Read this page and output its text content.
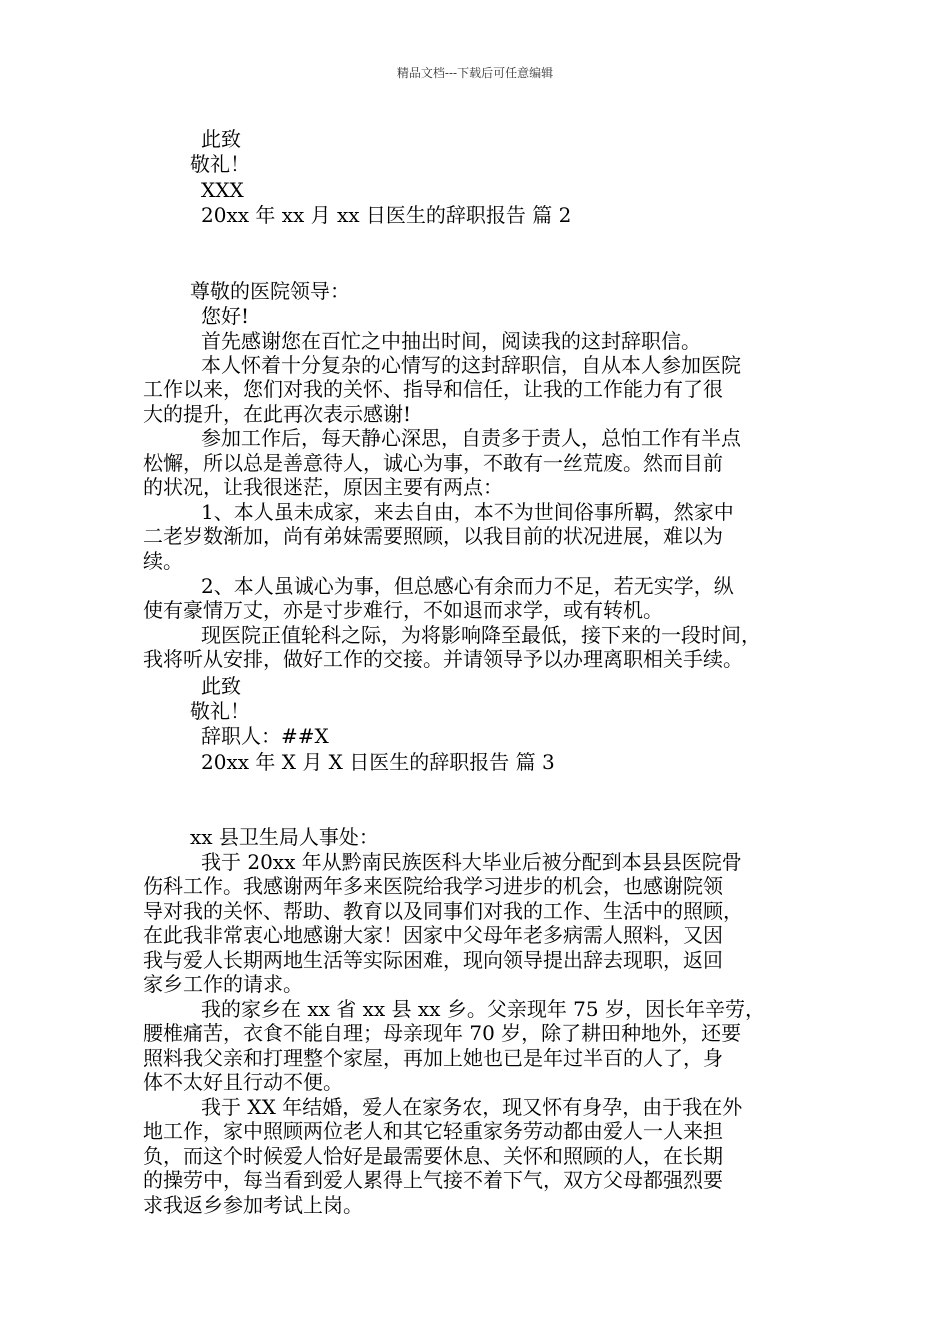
精品文档---下载后可任意编辑
此致
敬礼！
XXX
20xx 年 xx 月 xx 日医生的辞职报告 篇 2
尊敬的医院领导：
您好!
首先感谢您在百忙之中抽出时间，阅读我的这封辞职信。
本人怀着十分复杂的心情写的这封辞职信，自从本人参加医院
工作以来，您们对我的关怀、指导和信任，让我的工作能力有了很
大的提升，在此再次表示感谢!
参加工作后，每天静心深思，自责多于责人，总怕工作有半点
松懈，所以总是善意待人，诚心为事，不敢有一丝荒废。然而目前
的状况，让我很迷茫，原因主要有两点：
1、本人虽未成家，来去自由，本不为世间俗事所羁，然家中
二老岁数渐加，尚有弟妹需要照顾，以我目前的状况进展，难以为
续。
2、本人虽诚心为事，但总感心有余而力不足，若无实学，纵
使有豪情万丈，亦是寸步难行，不如退而求学，或有转机。
现医院正值轮科之际，为将影响降至最低，接下来的一段时间，
我将听从安排，做好工作的交接。并请领导予以办理离职相关手续。
此致
敬礼！
辞职人：##X
20xx 年 X 月 X 日医生的辞职报告 篇 3
xx 县卫生局人事处：
我于 20xx 年从黔南民族医科大毕业后被分配到本县县医院骨
伤科工作。我感谢两年多来医院给我学习进步的机会，也感谢院领
导对我的关怀、帮助、教育以及同事们对我的工作、生活中的照顾，
在此我非常衷心地感谢大家！因家中父母年老多病需人照料，又因
我与爱人长期两地生活等实际困难，现向领导提出辞去现职，返回
家乡工作的请求。
我的家乡在 xx 省 xx 县 xx 乡。父亲现年 75 岁，因长年辛劳，
腰椎痛苦，衣食不能自理；母亲现年 70 岁，除了耕田种地外，还要
照料我父亲和打理整个家屋，再加上她也已是年过半百的人了，身
体不太好且行动不便。
我于 XX 年结婚，爱人在家务农，现又怀有身孕，由于我在外
地工作，家中照顾两位老人和其它轻重家务劳动都由爱人一人来担
负，而这个时候爱人恰好是最需要休息、关怀和照顾的人，在长期
的操劳中，每当看到爱人累得上气接不着下气，双方父母都强烈要
求我返乡参加考试上岗。
